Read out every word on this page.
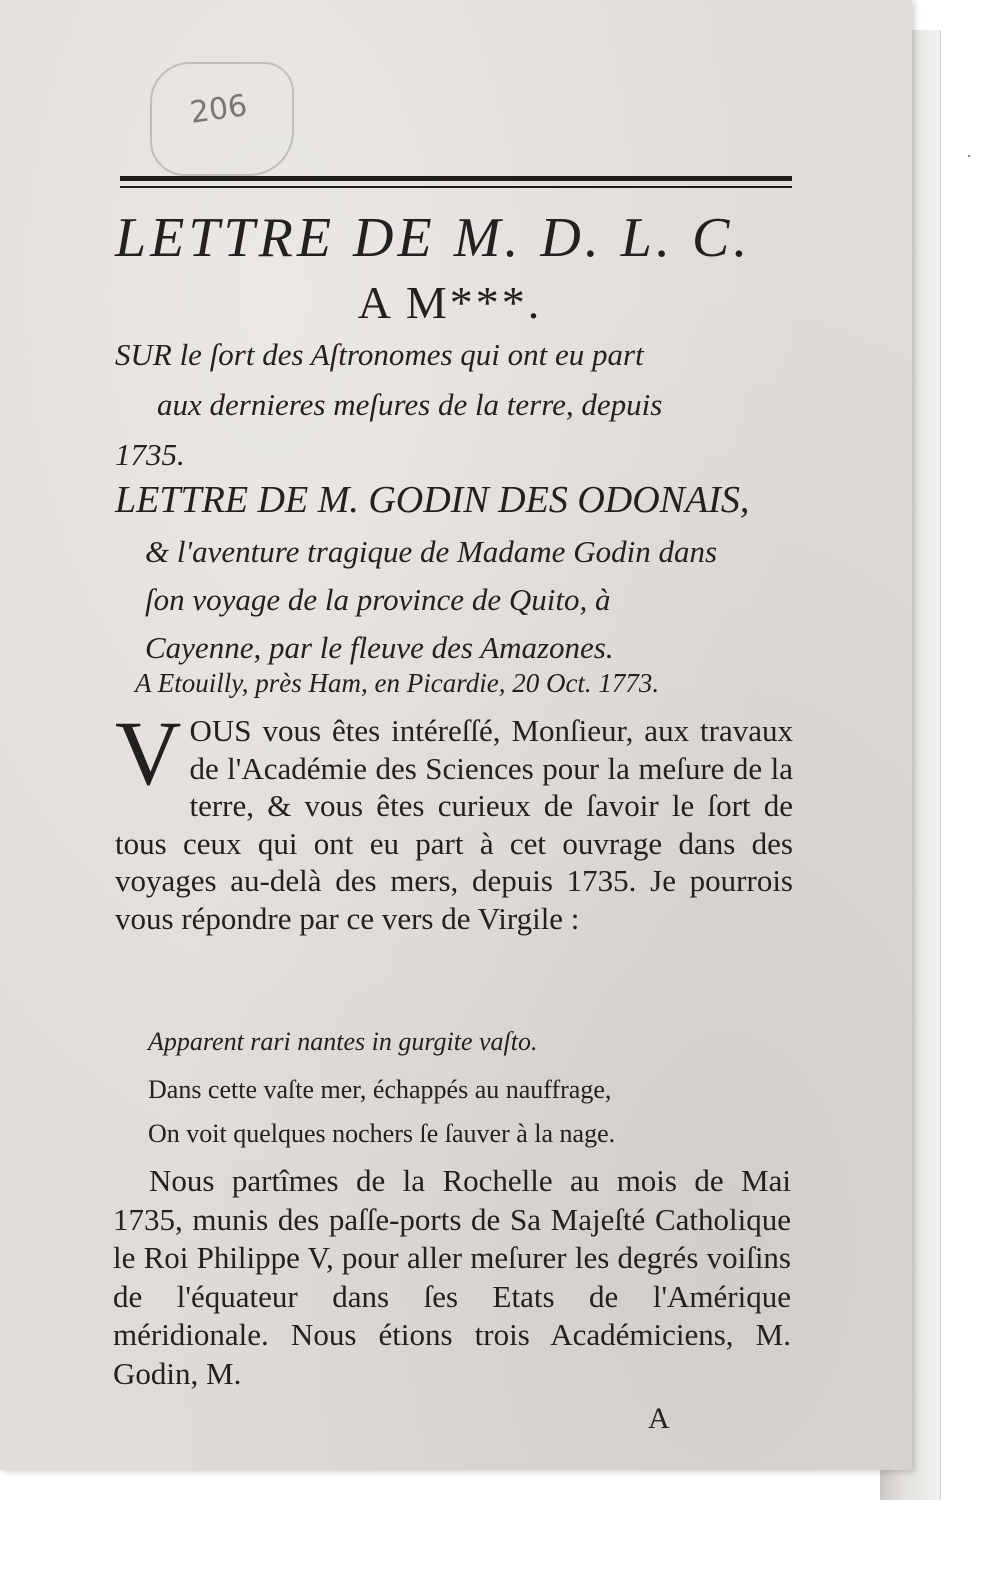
206
LETTRE DE M. D. L. C.
A M***.
SUR le ſort des Aſtronomes qui ont eu part
aux dernieres meſures de la terre, depuis
1735.
LETTRE DE M. GODIN DES ODONAIS,
& l'aventure tragique de Madame Godin dans
ſon voyage de la province de Quito, à
Cayenne, par le fleuve des Amazones.
A Etouilly, près Ham, en Picardie, 20 Oct. 1773.
V OUS vous êtes intéreſſé, Monſieur, aux travaux de l'Académie des Sciences pour la meſure de la terre, & vous êtes curieux de ſavoir le ſort de tous ceux qui ont eu part à cet ouvrage dans des voyages au-delà des mers, depuis 1735. Je pourrois vous répondre par ce vers de Virgile :
Apparent rari nantes in gurgite vaſto.
Dans cette vaſte mer, échappés au nauffrage,
On voit quelques nochers ſe ſauver à la nage.
Nous partîmes de la Rochelle au mois de Mai 1735, munis des paſſe-ports de Sa Majeſté Catholique le Roi Philippe V, pour aller meſurer les degrés voiſins de l'équateur dans ſes Etats de l'Amérique méridionale. Nous étions trois Académiciens, M. Godin, M.
A
